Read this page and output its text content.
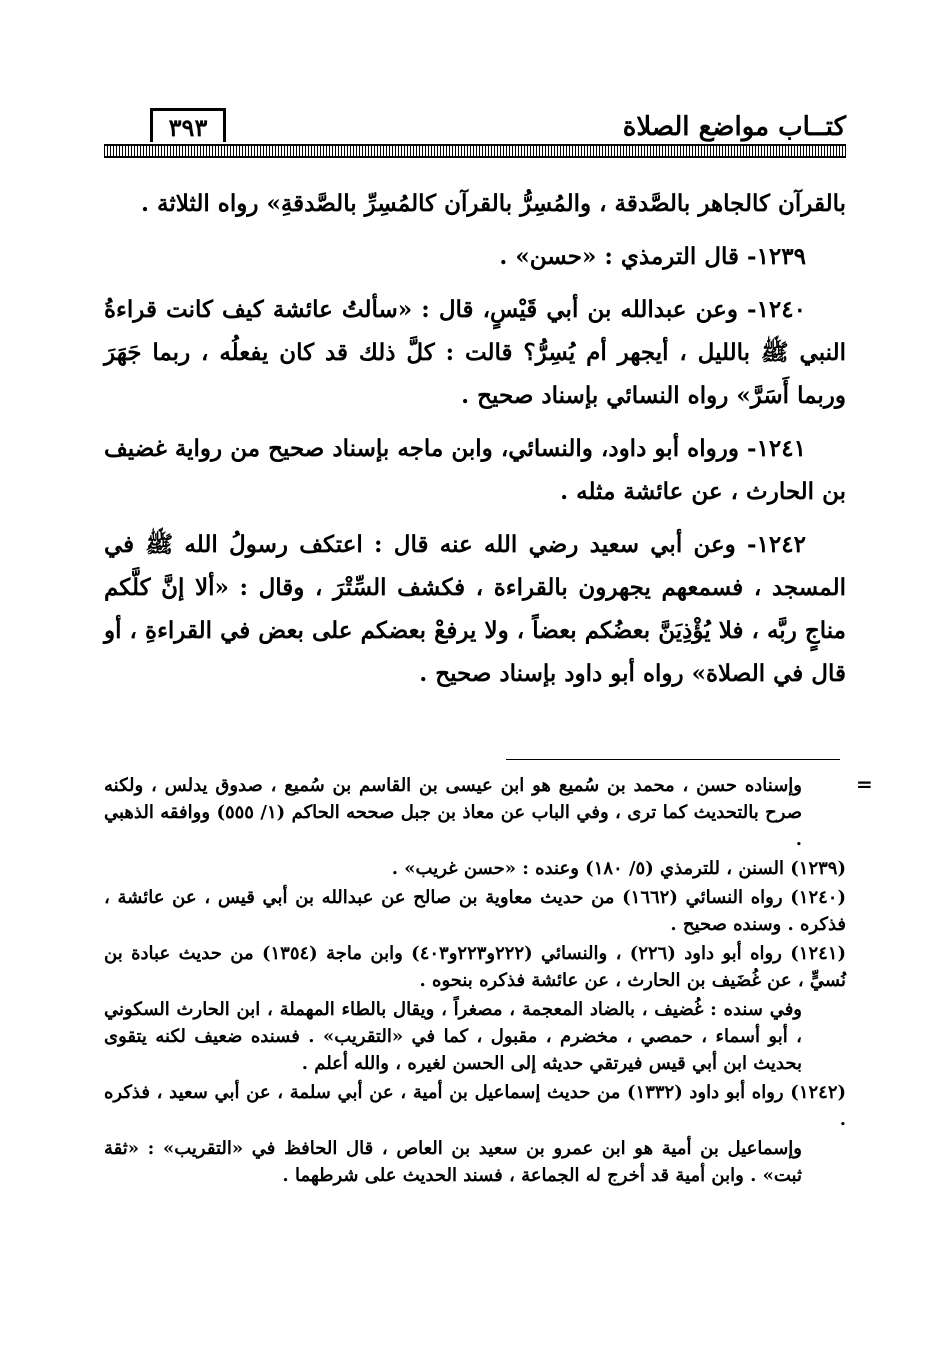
كتــاب مواضع الصلاة
٣٩٣

بالقرآن كالجاهر بالصَّدقة ، والمُسِرُّ بالقرآن كالمُسِرِّ بالصَّدقةِ» رواه الثلاثة .

١٢٣٩- قال الترمذي : «حسن» .

١٢٤٠- وعن عبدالله بن أبي قَيْسٍ، قال : «سألتُ عائشة كيف كانت قراءةُ النبي ﷺ بالليل ، أيجهر أم يُسِرُّ؟ قالت : كلَّ ذلك قد كان يفعلُه ، ربما جَهَرَ وربما أَسَرَّ» رواه النسائي بإسناد صحيح .

١٢٤١- ورواه أبو داود، والنسائي، وابن ماجه بإسناد صحيح من رواية غضيف بن الحارث ، عن عائشة مثله .

١٢٤٢- وعن أبي سعيد رضي الله عنه قال : اعتكف رسولُ الله ﷺ في المسجد ، فسمعهم يجهرون بالقراءة ، فكشف السِّتْرَ ، وقال : «ألا إنَّ كلَّكم مناجٍ ربَّه ، فلا يُؤْذِيَنَّ بعضُكم بعضاً ، ولا يرفعْ بعضكم على بعض في القراءةِ ، أو قال في الصلاة» رواه أبو داود بإسناد صحيح .

=

وإسناده حسن ، محمد بن سُميع هو ابن عيسى بن القاسم بن سُميع ، صدوق يدلس ، ولكنه صرح بالتحديث كما ترى ، وفي الباب عن معاذ بن جبل صححه الحاكم (١/ ٥٥٥) ووافقه الذهبي .

(١٢٣٩) السنن ، للترمذي (٥/ ١٨٠) وعنده : «حسن غريب» .

(١٢٤٠) رواه النسائي (١٦٦٢) من حديث معاوية بن صالح عن عبدالله بن أبي قيس ، عن عائشة ، فذكره . وسنده صحيح .

(١٢٤١) رواه أبو داود (٢٢٦) ، والنسائي (٢٢٢و٢٢٣و٤٠٣) وابن ماجة (١٣٥٤) من حديث عبادة بن نُسيٍّ ، عن غُضَيف بن الحارث ، عن عائشة فذكره بنحوه .

وفي سنده : غُضيف ، بالضاد المعجمة ، مصغراً ، ويقال بالطاء المهملة ، ابن الحارث السكوني ، أبو أسماء ، حمصي ، مخضرم ، مقبول ، كما في «التقريب» . فسنده ضعيف لكنه يتقوى بحديث ابن أبي قيس فيرتقي حديثه إلى الحسن لغيره ، والله أعلم .

(١٢٤٢) رواه أبو داود (١٣٣٢) من حديث إسماعيل بن أمية ، عن أبي سلمة ، عن أبي سعيد ، فذكره .

وإسماعيل بن أمية هو ابن عمرو بن سعيد بن العاص ، قال الحافظ في «التقريب» : «ثقة ثبت» . وابن أمية قد أخرج له الجماعة ، فسند الحديث على شرطهما .
